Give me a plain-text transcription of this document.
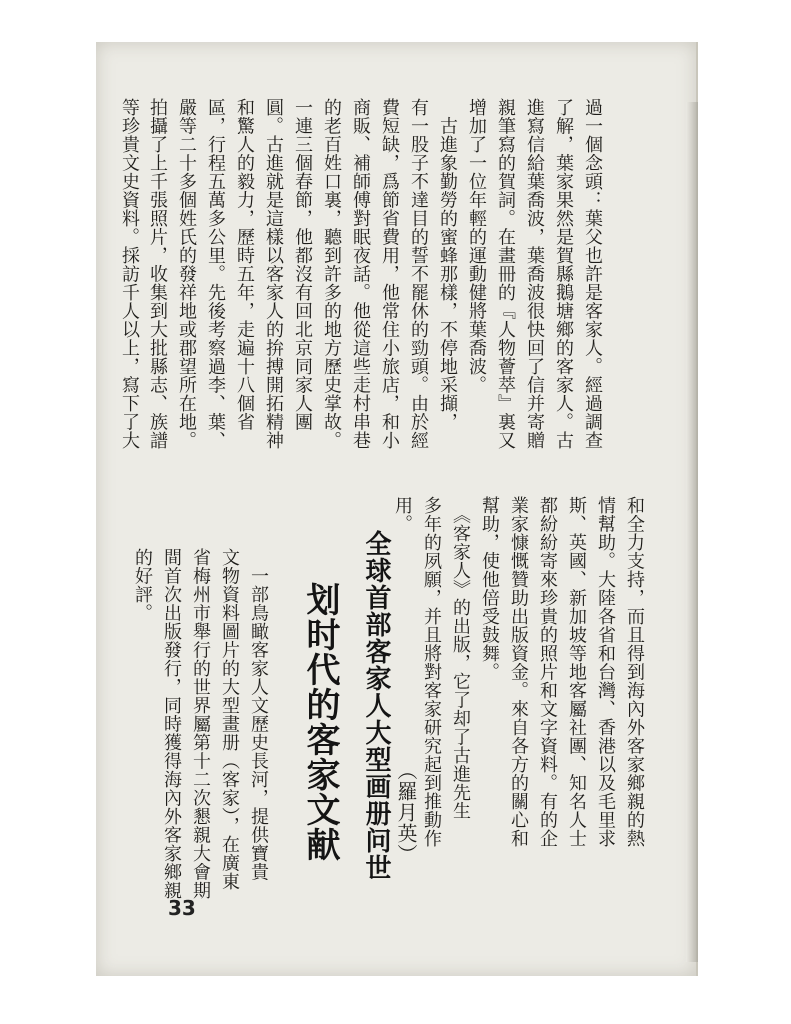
過一個念頭：葉父也許是客家人。經過調查
了解，葉家果然是賀縣鵝塘鄉的客家人。古
進寫信給葉喬波，葉喬波很快回了信并寄贈
親筆寫的賀詞。在畫冊的『人物薈萃』裏又
增加了一位年輕的運動健將葉喬波。
　古進象勤勞的蜜蜂那樣，不停地采擷，
有一股子不達目的誓不罷休的勁頭。由於經
費短缺，爲節省費用，他常住小旅店，和小
商販、補師傅對眠夜話。他從這些走村串巷
的老百姓口裏，聽到許多的地方歷史掌故。
一連三個春節，他都沒有回北京同家人團
圓。古進就是這樣以客家人的拚搏開拓精神
和驚人的毅力，歷時五年，走遍十八個省
區，行程五萬多公里。先後考察過李、葉、
嚴等二十多個姓氏的發祥地或郡望所在地。
拍攝了上千張照片，收集到大批縣志、族譜
等珍貴文史資料。採訪千人以上，寫下了大
和全力支持，而且得到海內外客家鄉親的熱
情幫助。大陸各省和台灣、香港以及毛里求
斯、英國、新加坡等地客屬社團、知名人士
都紛紛寄來珍貴的照片和文字資料。有的企
業家慷慨贊助出版資金。來自各方的關心和
幫助，使他倍受鼓舞。
　《客家人》的出版，它了却了古進先生
多年的夙願，并且將對客家研究起到推動作
用。
全球首部客家人大型画册问世
划时代的客家文献
　一部鳥瞰客家人文歷史長河，提供寶貴
文物資料圖片的大型畫册（客家），在廣東
省梅州市舉行的世界屬第十二次懇親大會期
間首次出版發行，同時獲得海內外客家鄉親
的好評。
（羅月英）
33
